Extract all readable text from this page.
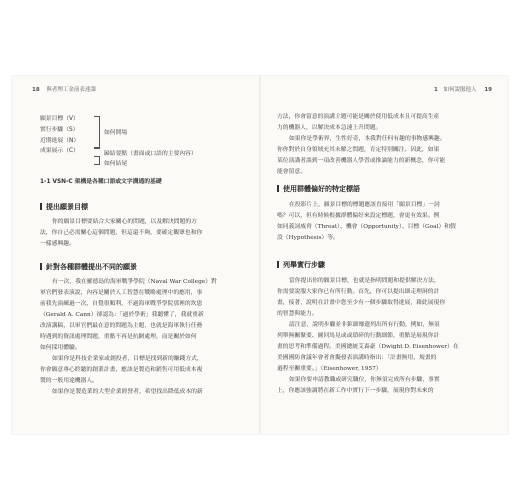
18 與者埋工金前表達課
願景目標（V）
實行步驟（S）
近期進展（N）
成果展示（C）
如何開場
歸結要點（畫面或口語的主要內容）
如何結尾
1-1 VSN-C 架構是各種口語或文字溝通的基礎
提出願景目標
你的願景目標要結合大家關心的問題，以及解決問題的方
法，你自己必需關心這個問題，但這還不夠，要確定觀眾也和你
一樣感興趣。
針對各種群體提出不同的願景
有一次，我在羅德島的海軍戰爭學院（Naval War College）對
軍官們發表演說，內容是關於人工智慧在戰略處理中的應用，事
前我先演練過一次，自覺很順利，不過海軍戰爭學院那裡的坎恩
（Gerald A. Cann）卻認為：「過於學術」我聽懂了，我就重新
改演講稿，以軍官們最在意的問題為主題，也就是海軍執行任務
時遇到的資訊處理問題，重點不再是抗網處理，而是關於如何
如何採用體驗。
如果你是科技企業家或創投者，目標是找到新的賺錢方式，
你會願意專心聆聽的創業計畫，應該是製造和銷售可用低成本複
製的一般用途機器人。
如果你是製造業的大型企業經營者，希望找出降低成本的新
1 如何說服他人 19
方法，你會留意的演講主題可能是關於使用低成本且可提高生產
力的機器人，以解決成本急速上升問題。
如果你是學術界，生性好奇，本我對任何有趣的事物感興趣。
你你對於自身領域充其未解之問題，育定特別關注。因此，如果
某位演講者談到一項改善機器人學習或推論能力的新概念，你可能
能會留意。
使用群體偏好的特定標語
在投影片上，願景目標的標題應該直接用「願景目標」一詞
嗎？可以，但有時候根據群體偏好來設定標題，會更有效果。例
如同義詞威脅（Threat）、機會（Opportunity）、目標（Goal）和假
設（Hypothesis）等。
列舉實行步驟
當你提出你的願景目標，也就是指明問題和提供解決方法，
你需要說服大家你已有所行動。首先，你可以提出細走理洞的計
畫，接著，說明在計畫中您至少有一個步驟取得進展，藉此展現你
的智慧與能力。
請注意，說明步驟並非鉅細靡遺列出所有行動，例如，無須
列舉無關緊要、圖回馬見或或瑣碎的行動細節，重點是展現你計
畫的思考和準備過程。美國總統艾森豪（Dwight D. Eisenhower）在
美國國防會議年會者會擬發表演講時指出：「計畫無用，規畫的
過程至關重要。」（Eisenhower, 1957）
如果你要申請教職或研究職位，你無須完成所有步驟，事實
上，你應該強調將在新工作中實行下一步驟，展現你對未來的
